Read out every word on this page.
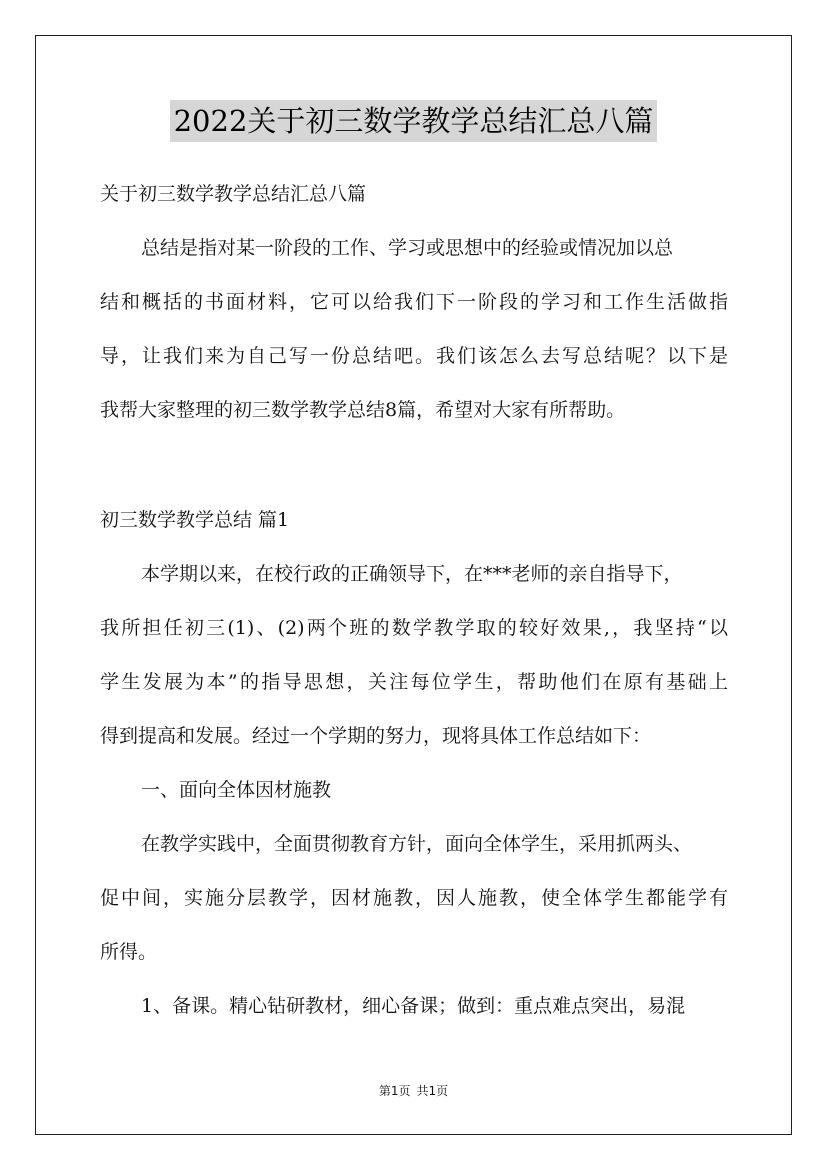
2022关于初三数学教学总结汇总八篇
关于初三数学教学总结汇总八篇
总结是指对某一阶段的工作、学习或思想中的经验或情况加以总
结和概括的书面材料，它可以给我们下一阶段的学习和工作生活做指
导，让我们来为自己写一份总结吧。我们该怎么去写总结呢？以下是
我帮大家整理的初三数学教学总结8篇，希望对大家有所帮助。
初三数学教学总结 篇1
本学期以来，在校行政的正确领导下，在***老师的亲自指导下，
我所担任初三(1)、(2)两个班的数学教学取的较好效果,，我坚持“以
学生发展为本”的指导思想，关注每位学生，帮助他们在原有基础上
得到提高和发展。经过一个学期的努力，现将具体工作总结如下：
一、面向全体因材施教
在教学实践中，全面贯彻教育方针，面向全体学生，采用抓两头、
促中间，实施分层教学，因材施教，因人施教，使全体学生都能学有
所得。
1、备课。精心钻研教材，细心备课；做到：重点难点突出，易混
第1页 共1页
